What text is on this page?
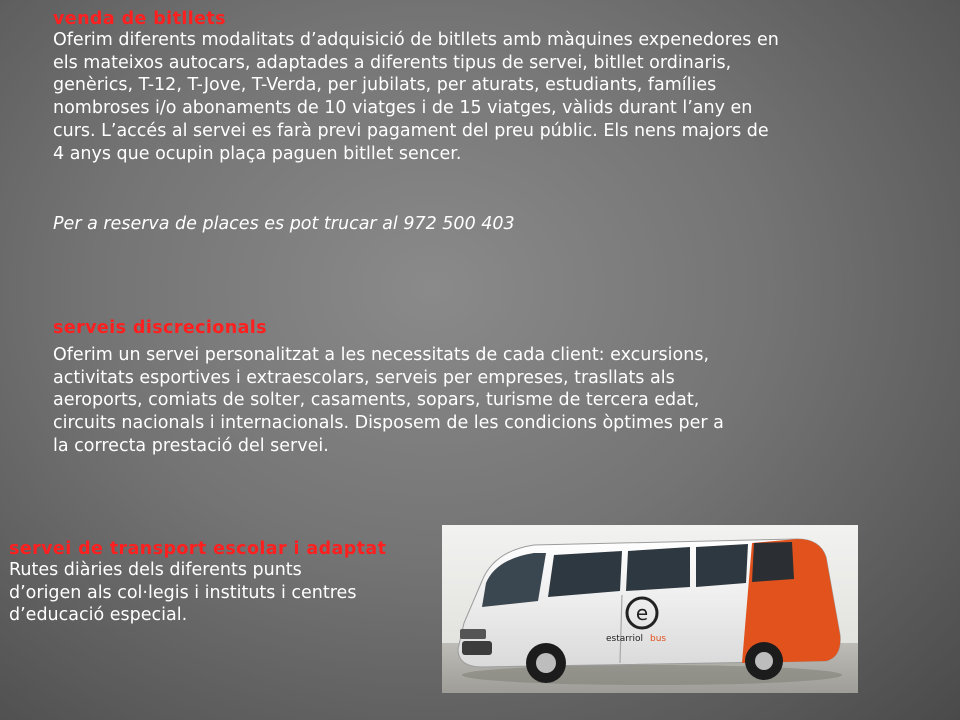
venda de bitllets
Oferim diferents modalitats d’adquisició de bitllets amb màquines expenedores en
els mateixos autocars, adaptades a diferents tipus de servei, bitllet ordinaris,
genèrics, T-12, T-Jove, T-Verda, per jubilats, per aturats, estudiants, famílies
nombroses i/o abonaments de 10 viatges i de 15 viatges, vàlids durant l’any en
curs. L’accés al servei es farà previ pagament del preu públic. Els nens majors de
4 anys que ocupin plaça paguen bitllet sencer.
Per a reserva de places es pot trucar al 972 500 403
serveis discrecionals
Oferim un servei personalitzat a les necessitats de cada client: excursions,
activitats esportives i extraescolars, serveis per empreses, trasllats als
aeroports, comiats de solter, casaments, sopars, turisme de tercera edat,
circuits nacionals i internacionals. Disposem de les condicions òptimes per a
la correcta prestació del servei.
servei de transport escolar i adaptat
Rutes diàries dels diferents punts
d’origen als col·legis i instituts i centres
d’educació especial.	e
estarriol bus
